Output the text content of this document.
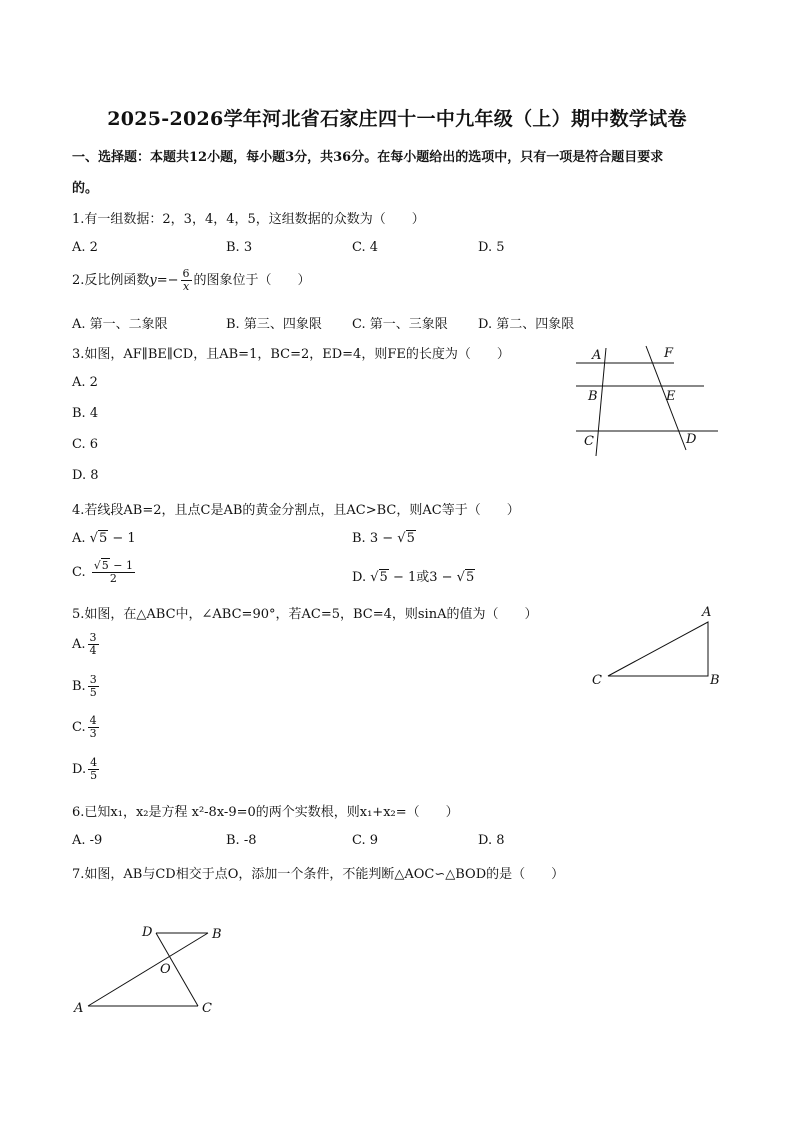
2025-2026学年河北省石家庄四十一中九年级（上）期中数学试卷
一、选择题：本题共12小题，每小题3分，共36分。在每小题给出的选项中，只有一项是符合题目要求
的。
1.有一组数据：2，3，4，4，5，这组数据的众数为（　　）
A. 2	B. 3	C. 4	D. 5
2.反比例函数$y=- \frac{6}{x}$ 的图象位于（　　）
A. 第一、二象限	B. 第三、四象限 C. 第一、三象限 D. 第二、四象限
3.如图，AF∥BE∥CD，且AB=1，BC=2，ED=4，则FE的长度为（　　）
A. 2
B. 4
C. 6
D. 8
A	F
B	E
C	D
4.若线段AB=2，且点C是AB的黄金分割点，且AC>BC，则AC等于（　　）
A. √5 − 1	B. 3 − √5
C. $\frac{√5 - 1}{2}$	D. √5 − 1或3 − √5
5.如图，在△ABC中，∠ABC=90°，若AC=5，BC=4，则sinA的值为（　　）
A. $\frac{3}{4}$
B. $\frac{3}{5}$
C. $\frac{4}{3}$
D. $\frac{4}{5}$
A
C	B
6.已知x₁，x₂是方程 x²-8x-9=0的两个实数根，则x₁+x₂=（　　）
A. -9	B. -8	C. 9	D. 8
7.如图，AB与CD相交于点O，添加一个条件，不能判断△AOC∽△BOD的是（　　）
D	B
O
A	C
